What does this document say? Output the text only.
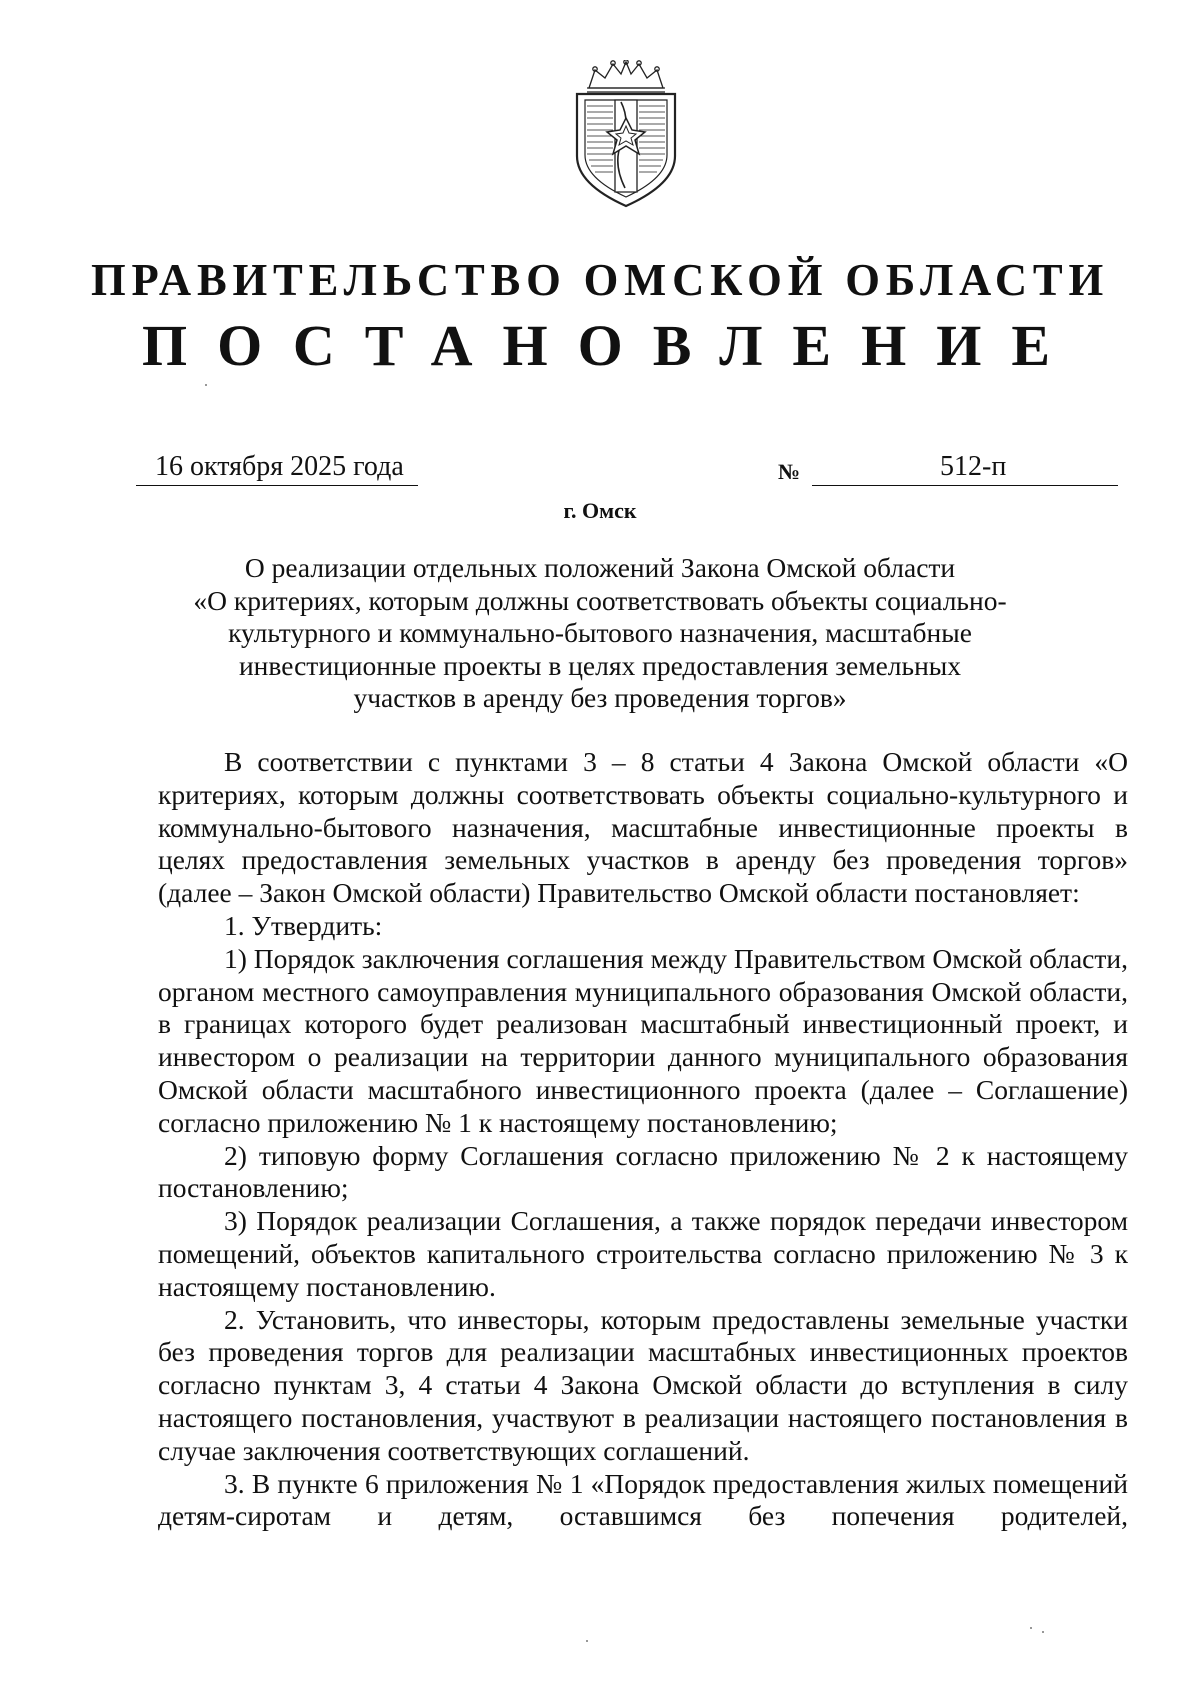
ПРАВИТЕЛЬСТВО ОМСКОЙ ОБЛАСТИ
ПОСТАНОВЛЕНИЕ
16 октября 2025 года	№	512-п
г. Омск
О реализации отдельных положений Закона Омской области
«О критериях, которым должны соответствовать объекты социально-
культурного и коммунально-бытового назначения, масштабные
инвестиционные проекты в целях предоставления земельных
участков в аренду без проведения торгов»

В соответствии с пунктами 3 – 8 статьи 4 Закона Омской области «О критериях, которым должны соответствовать объекты социально-культурного и коммунально-бытового назначения, масштабные инвестиционные проекты в целях предоставления земельных участков в аренду без проведения торгов» (далее – Закон Омской области) Правительство Омской области постановляет:

1. Утвердить:

1) Порядок заключения соглашения между Правительством Омской области, органом местного самоуправления муниципального образования Омской области, в границах которого будет реализован масштабный инвестиционный проект, и инвестором о реализации на территории данного муниципального образования Омской области масштабного инвестиционного проекта (далее – Соглашение) согласно приложению № 1 к настоящему постановлению;

2) типовую форму Соглашения согласно приложению № 2 к настоящему постановлению;

3) Порядок реализации Соглашения, а также порядок передачи инвестором помещений, объектов капитального строительства согласно приложению № 3 к настоящему постановлению.

2. Установить, что инвесторы, которым предоставлены земельные участки без проведения торгов для реализации масштабных инвестиционных проектов согласно пунктам 3, 4 статьи 4 Закона Омской области до вступления в силу настоящего постановления, участвуют в реализации настоящего постановления в случае заключения соответствующих соглашений.

3. В пункте 6 приложения № 1 «Порядок предоставления жилых помещений детям-сиротам и детям, оставшимся без попечения родителей,
